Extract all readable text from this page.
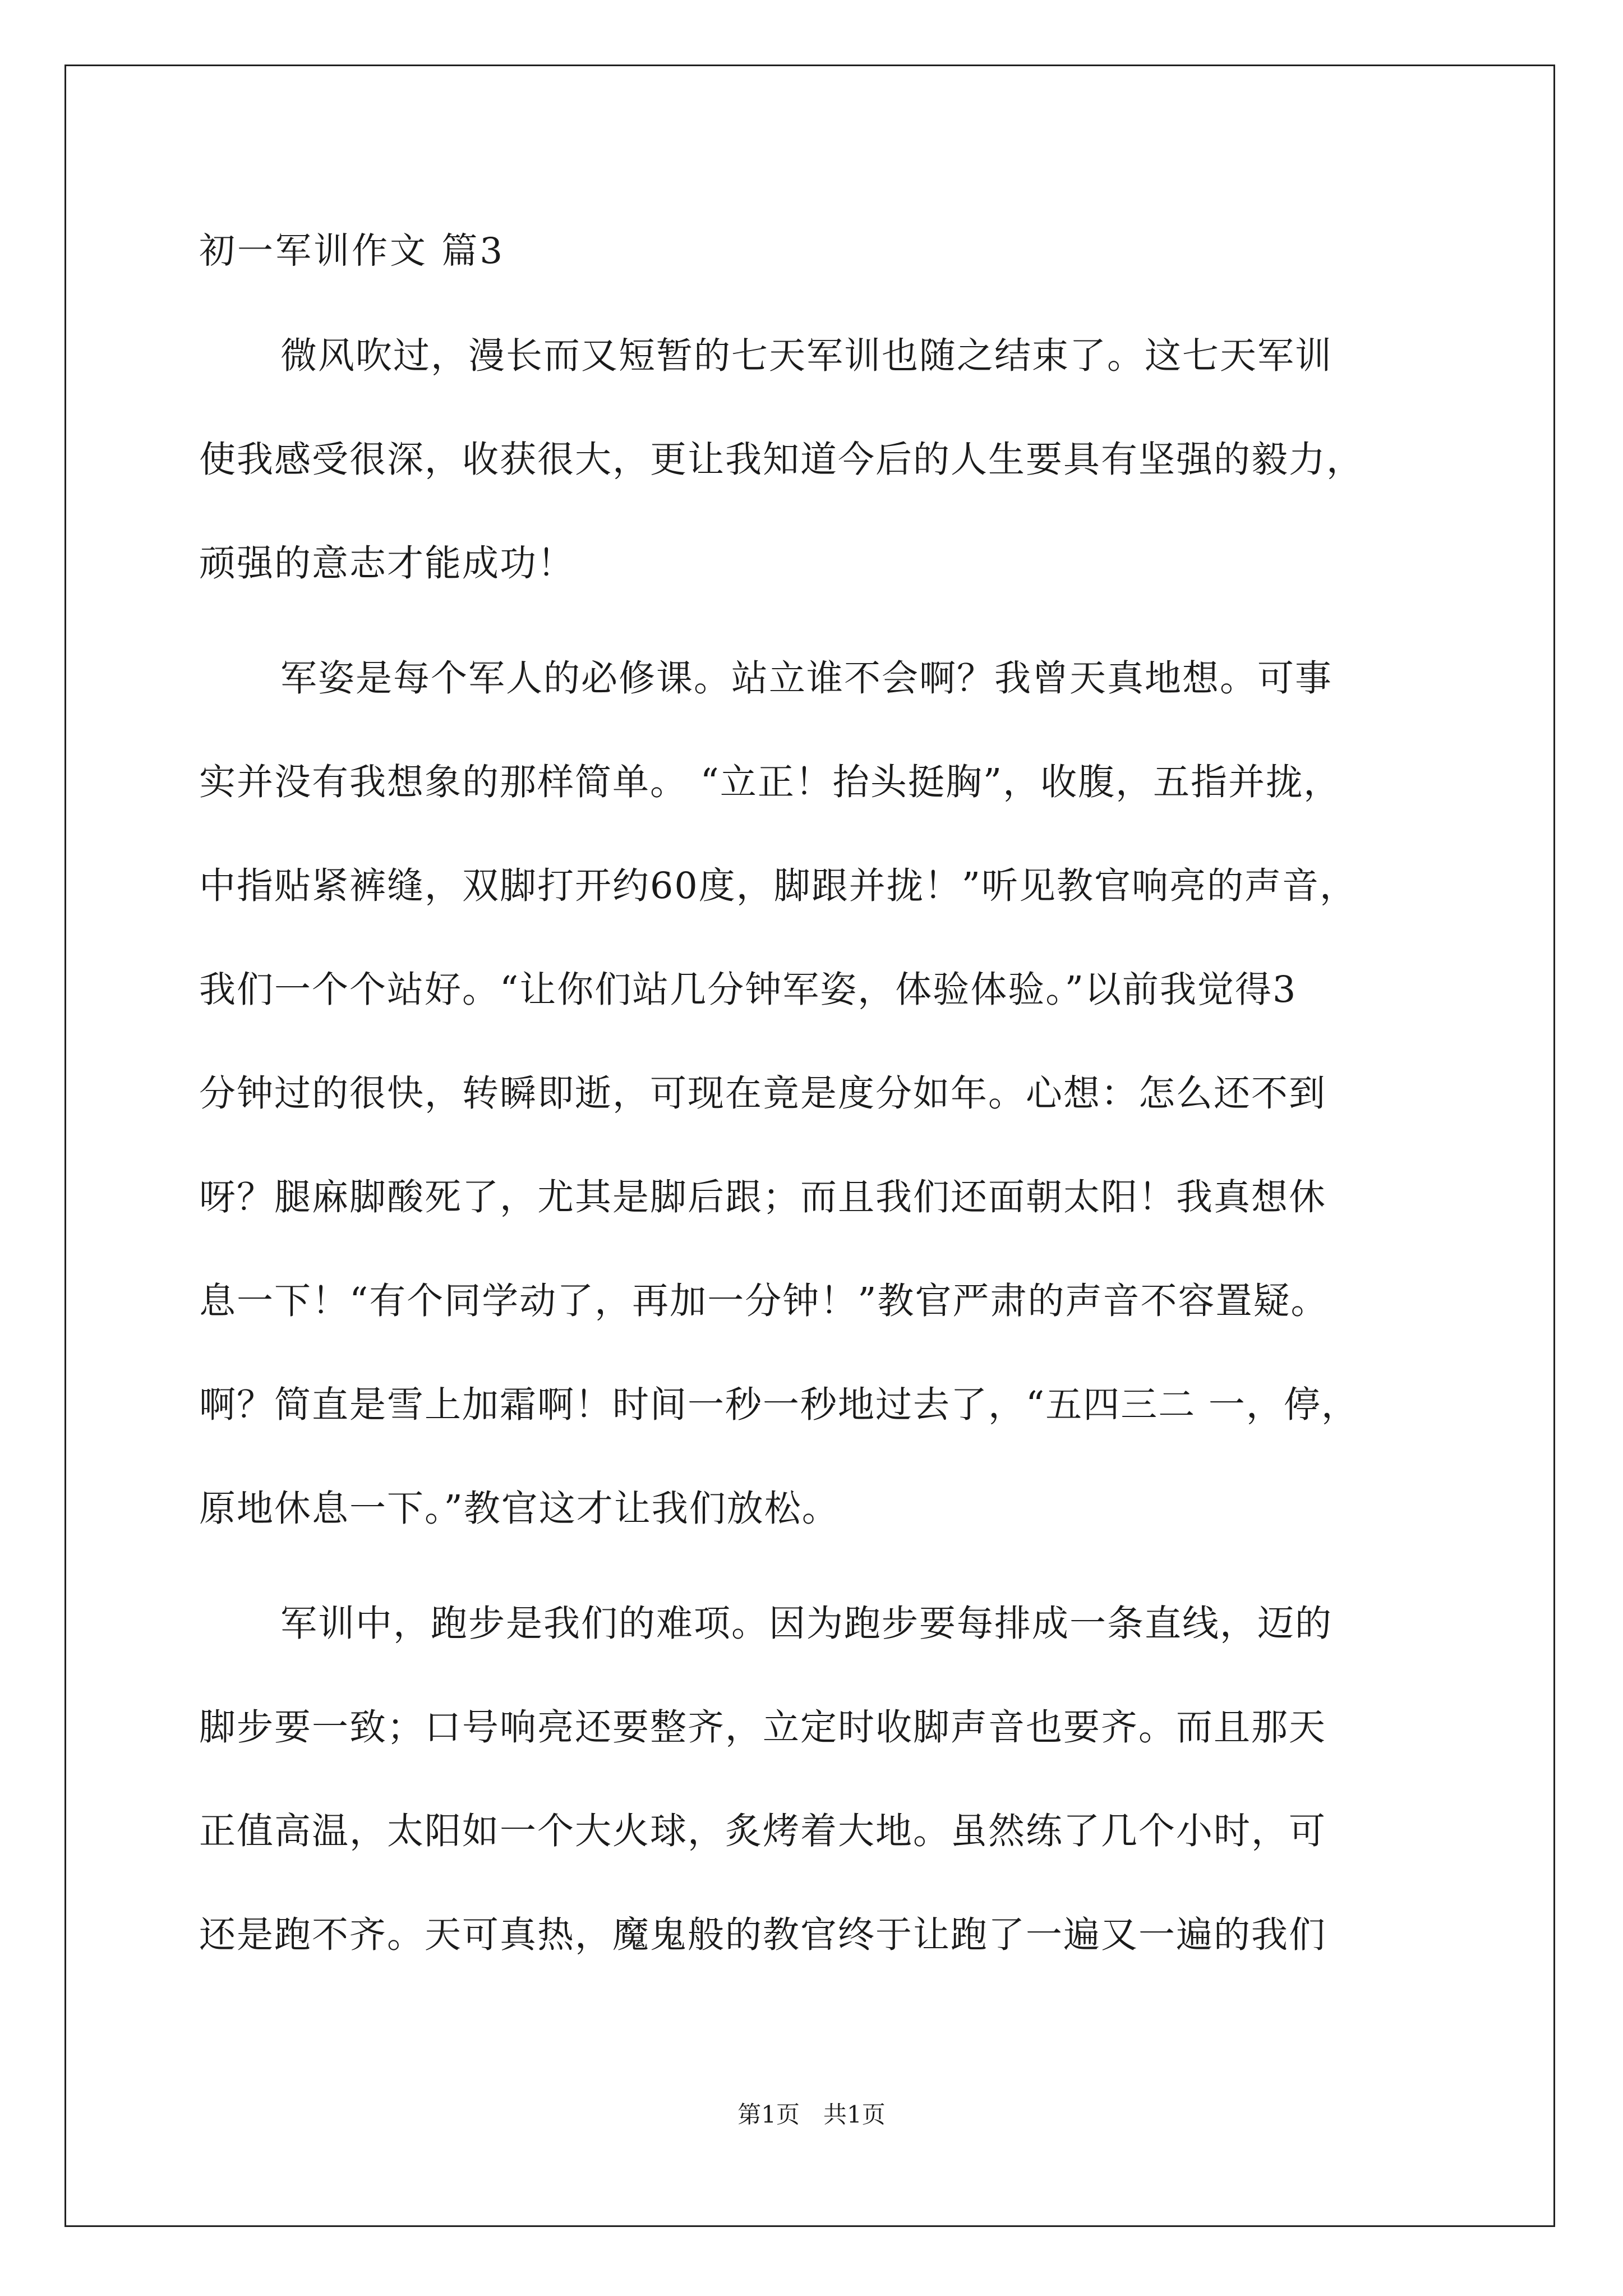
初一军训作文 篇3

微风吹过，漫长而又短暂的七天军训也随之结束了。这七天军训

使我感受很深，收获很大，更让我知道今后的人生要具有坚强的毅力，

顽强的意志才能成功！

军姿是每个军人的必修课。站立谁不会啊？我曾天真地想。可事

实并没有我想象的那样简单。 “立正！抬头挺胸”，收腹，五指并拢，

中指贴紧裤缝，双脚打开约60度，脚跟并拢！”听见教官响亮的声音，

我们一个个站好。“让你们站几分钟军姿，体验体验。”以前我觉得3

分钟过的很快，转瞬即逝，可现在竟是度分如年。心想：怎么还不到

呀？腿麻脚酸死了，尤其是脚后跟；而且我们还面朝太阳！我真想休

息一下！“有个同学动了，再加一分钟！”教官严肃的声音不容置疑。

啊？简直是雪上加霜啊！时间一秒一秒地过去了，“五四三二 一，停，

原地休息一下。”教官这才让我们放松。

军训中，跑步是我们的难项。因为跑步要每排成一条直线，迈的

脚步要一致；口号响亮还要整齐，立定时收脚声音也要齐。而且那天

正值高温，太阳如一个大火球，炙烤着大地。虽然练了几个小时，可

还是跑不齐。天可真热，魔鬼般的教官终于让跑了一遍又一遍的我们

第1页　共1页
